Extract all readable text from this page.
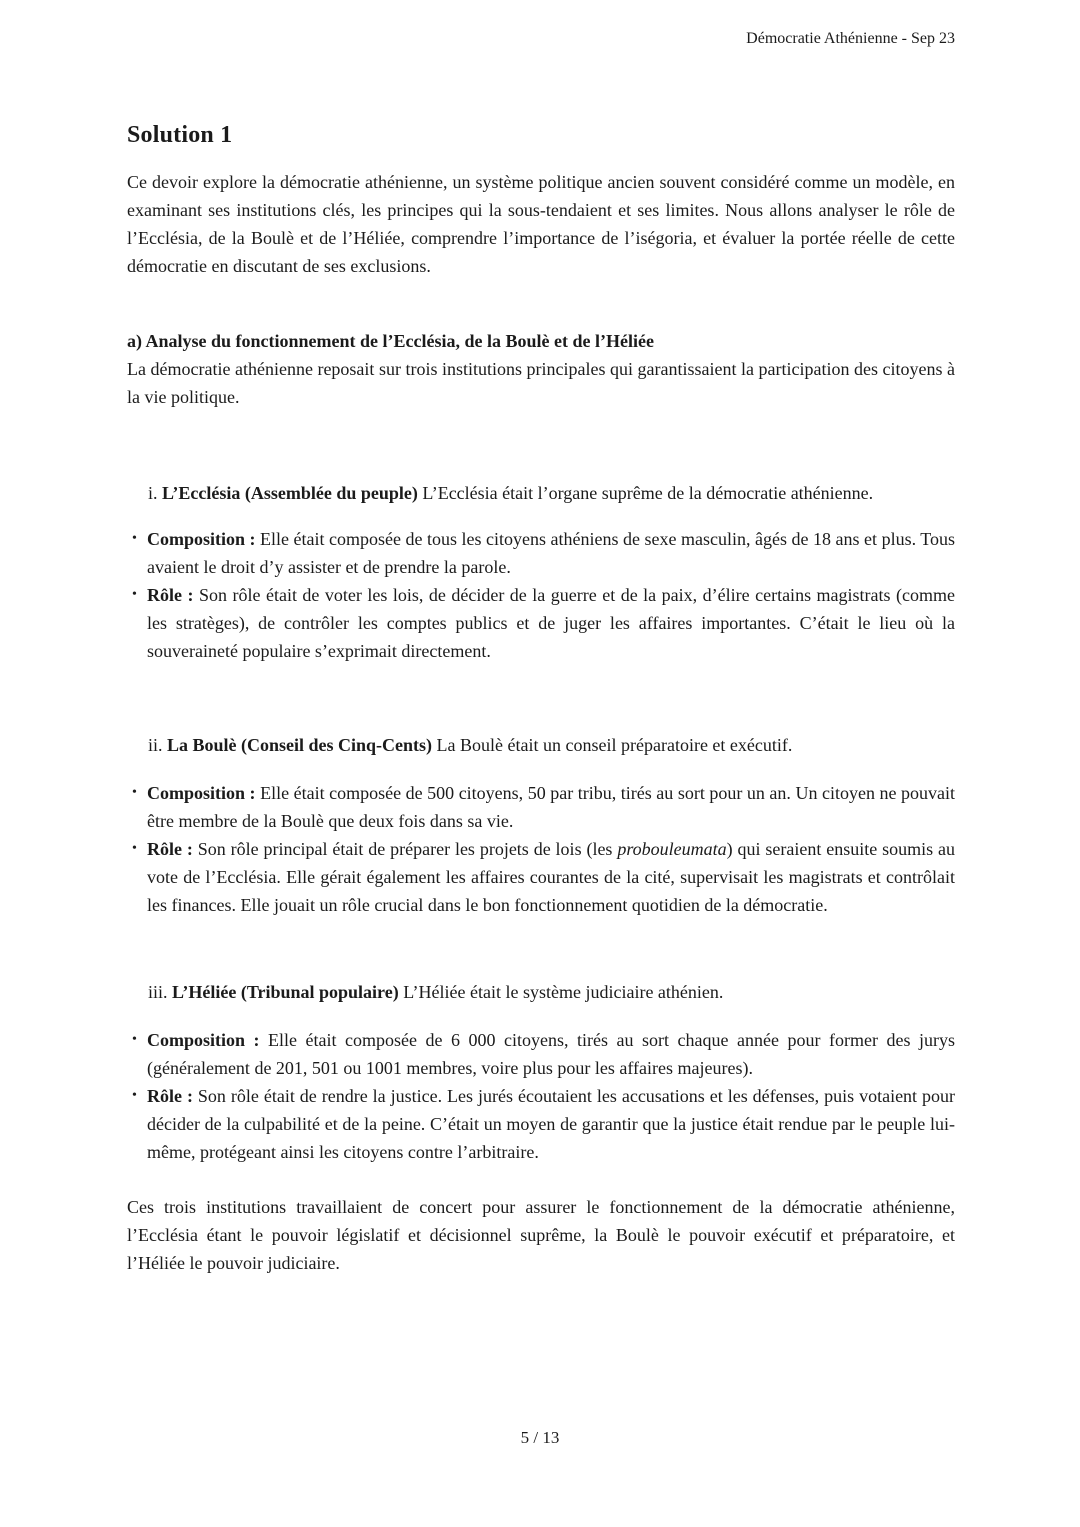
Démocratie Athénienne - Sep 23
Solution 1

Ce devoir explore la démocratie athénienne, un système politique ancien souvent considéré comme un modèle, en examinant ses institutions clés, les principes qui la sous-tendaient et ses limites. Nous allons analyser le rôle de l’Ecclésia, de la Boulè et de l’Héliée, comprendre l’importance de l’iségoria, et évaluer la portée réelle de cette démocratie en discutant de ses exclusions.

a) Analyse du fonctionnement de l’Ecclésia, de la Boulè et de l’Héliée

La démocratie athénienne reposait sur trois institutions principales qui garantissaient la participation des citoyens à la vie politique.

i. L’Ecclésia (Assemblée du peuple) L’Ecclésia était l’organe suprême de la démocratie athénienne.

• Composition : Elle était composée de tous les citoyens athéniens de sexe masculin, âgés de 18 ans et plus. Tous avaient le droit d’y assister et de prendre la parole.
• Rôle : Son rôle était de voter les lois, de décider de la guerre et de la paix, d’élire certains magistrats (comme les stratèges), de contrôler les comptes publics et de juger les affaires importantes. C’était le lieu où la souveraineté populaire s’exprimait directement.

ii. La Boulè (Conseil des Cinq-Cents) La Boulè était un conseil préparatoire et exécutif.

• Composition : Elle était composée de 500 citoyens, 50 par tribu, tirés au sort pour un an. Un citoyen ne pouvait être membre de la Boulè que deux fois dans sa vie.
• Rôle : Son rôle principal était de préparer les projets de lois (les probouleumata) qui seraient ensuite soumis au vote de l’Ecclésia. Elle gérait également les affaires courantes de la cité, supervisait les magistrats et contrôlait les finances. Elle jouait un rôle crucial dans le bon fonctionnement quotidien de la démocratie.

iii. L’Héliée (Tribunal populaire) L’Héliée était le système judiciaire athénien.

• Composition : Elle était composée de 6 000 citoyens, tirés au sort chaque année pour former des jurys (généralement de 201, 501 ou 1001 membres, voire plus pour les affaires majeures).
• Rôle : Son rôle était de rendre la justice. Les jurés écoutaient les accusations et les défenses, puis votaient pour décider de la culpabilité et de la peine. C’était un moyen de garantir que la justice était rendue par le peuple lui-même, protégeant ainsi les citoyens contre l’arbitraire.

Ces trois institutions travaillaient de concert pour assurer le fonctionnement de la démocratie athénienne, l’Ecclésia étant le pouvoir législatif et décisionnel suprême, la Boulè le pouvoir exécutif et préparatoire, et l’Héliée le pouvoir judiciaire.

5 / 13
